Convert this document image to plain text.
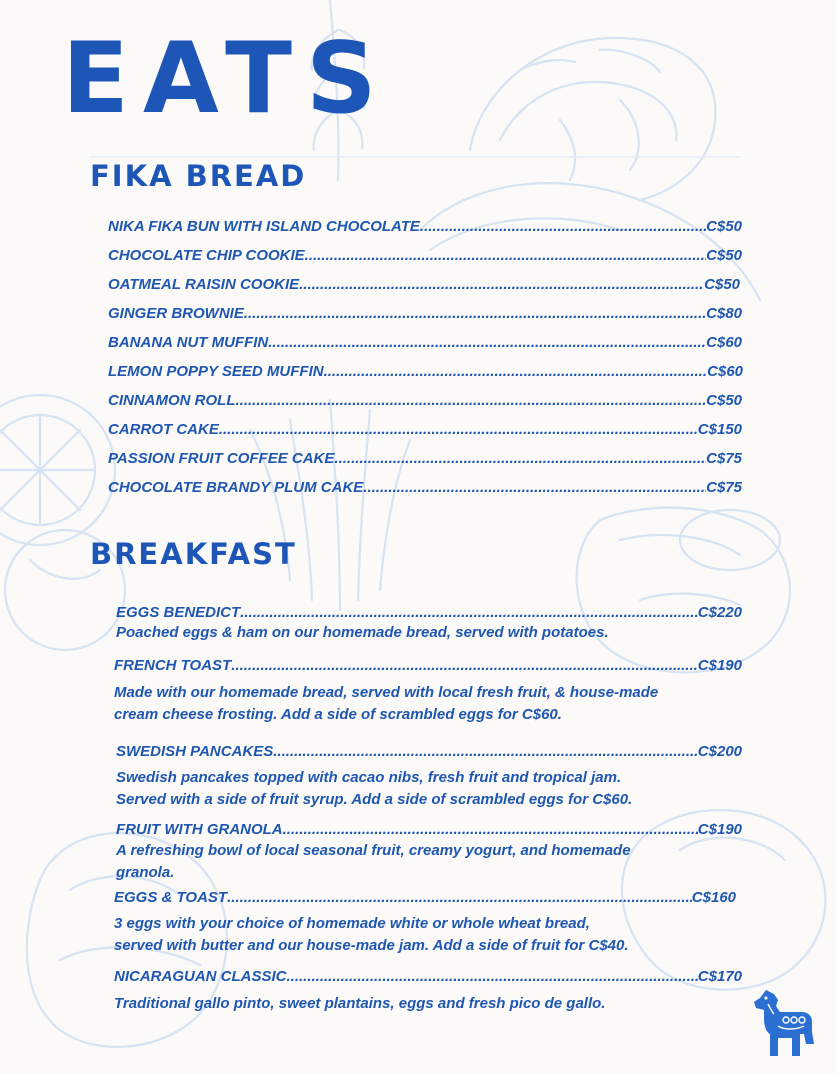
EATS
FIKA BREAD
NIKA FIKA BUN WITH ISLAND CHOCOLATE .....	C$50
CHOCOLATE CHIP COOKIE .....	C$50
OATMEAL RAISIN COOKIE .....	C$50
GINGER BROWNIE .....	C$80
BANANA NUT MUFFIN .....	C$60
LEMON POPPY SEED MUFFIN .....	C$60
CINNAMON ROLL .....	C$50
CARROT CAKE .....	C$150
PASSION FRUIT COFFEE CAKE .....	C$75
CHOCOLATE BRANDY PLUM CAKE .....	C$75
BREAKFAST
EGGS BENEDICT .....	C$220

Poached eggs & ham on our homemade bread, served with potatoes.

FRENCH TOAST .....	.....C$190

Made with our homemade bread, served with local fresh fruit, & house-made
cream cheese frosting. Add a side of scrambled eggs for C$60.

SWEDISH PANCAKES .....	C$200

Swedish pancakes topped with cacao nibs, fresh fruit and tropical jam.
Served with a side of fruit syrup. Add a side of scrambled eggs for C$60.

FRUIT WITH GRANOLA .....	C$190

A refreshing bowl of local seasonal fruit, creamy yogurt, and homemade
granola.

EGGS & TOAST .....	C$160

3 eggs with your choice of homemade white or whole wheat bread,
served with butter and our house-made jam. Add a side of fruit for C$40.

NICARAGUAN CLASSIC .....	C$170

Traditional gallo pinto, sweet plantains, eggs and fresh pico de gallo.
